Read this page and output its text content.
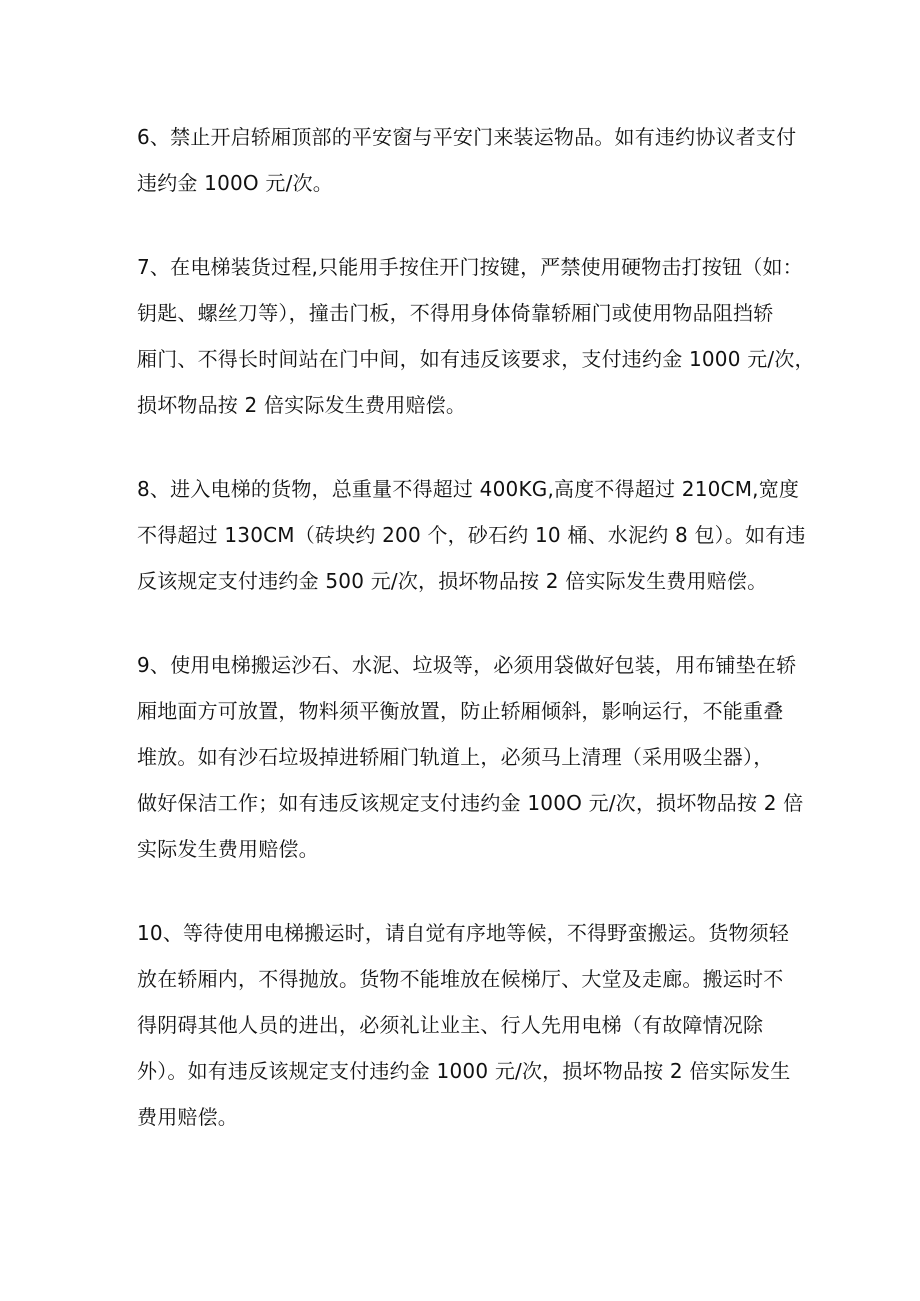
6、禁止开启轿厢顶部的平安窗与平安门来装运物品。如有违约协议者支付
违约金 100O 元/次。

7、在电梯装货过程,只能用手按住开门按键，严禁使用硬物击打按钮（如：
钥匙、螺丝刀等），撞击门板，不得用身体倚靠轿厢门或使用物品阻挡轿
厢门、不得长时间站在门中间，如有违反该要求，支付违约金 1000 元/次，
损坏物品按 2 倍实际发生费用赔偿。

8、进入电梯的货物，总重量不得超过 400KG,高度不得超过 210CM,宽度
不得超过 130CM（砖块约 200 个，砂石约 10 桶、水泥约 8 包）。如有违
反该规定支付违约金 500 元/次，损坏物品按 2 倍实际发生费用赔偿。

9、使用电梯搬运沙石、水泥、垃圾等，必须用袋做好包装，用布铺垫在轿
厢地面方可放置，物料须平衡放置，防止轿厢倾斜，影响运行，不能重叠
堆放。如有沙石垃圾掉进轿厢门轨道上，必须马上清理（采用吸尘器），
做好保洁工作；如有违反该规定支付违约金 100O 元/次，损坏物品按 2 倍
实际发生费用赔偿。

10、等待使用电梯搬运时，请自觉有序地等候，不得野蛮搬运。货物须轻
放在轿厢内，不得抛放。货物不能堆放在候梯厅、大堂及走廊。搬运时不
得阴碍其他人员的进出，必须礼让业主、行人先用电梯（有故障情况除
外）。如有违反该规定支付违约金 1000 元/次，损坏物品按 2 倍实际发生
费用赔偿。
